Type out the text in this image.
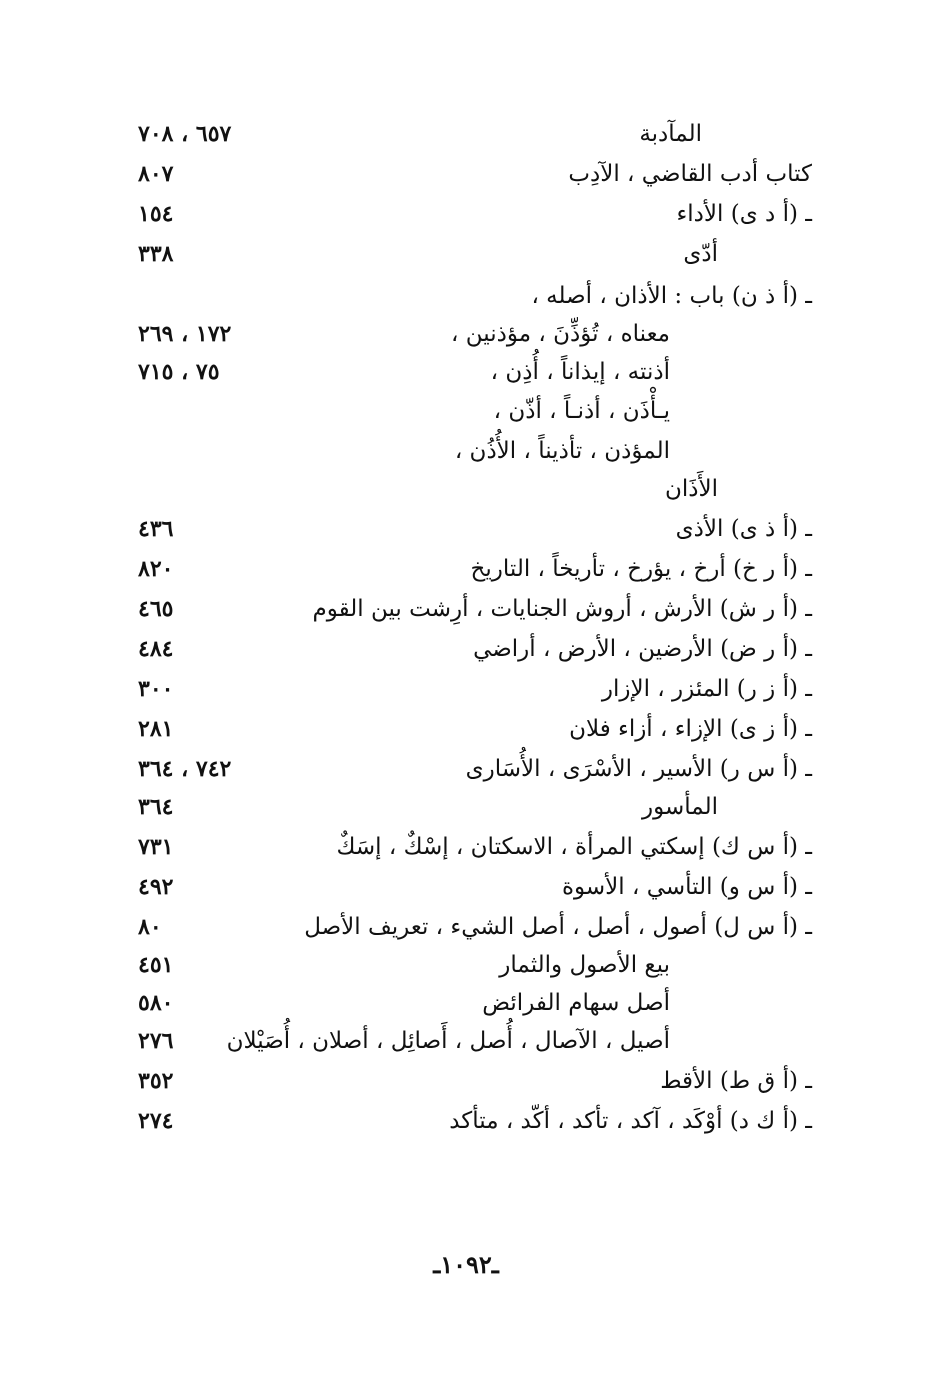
المآدبة
٦٥٧ ، ٧٠٨
كتاب أدب القاضي ، الآدِب
٨٠٧
ـ (أ د ى) الأداء
١٥٤
أدّى
٣٣٨
ـ (أ ذ ن) باب : الأذان ، أصله ،
معناه ، تُؤذِّنَ ، مؤذنين ،
١٧٢ ، ٢٦٩
أذنته ، إيذاناً ، أُذِن ،
٧٥ ، ٧١٥
يـأْذَن ، أذنـاً ، أذّن ،
المؤذن ، تأذيناً ، الأُذُن ،
الأَذَان
ـ (أ ذ ى) الأذى
٤٣٦
ـ (أ ر خ) أرخ ، يؤرخ ، تأريخاً ، التاريخ
٨٢٠
ـ (أ ر ش) الأرش ، أروش الجنايات ، أرِشت بين القوم
٤٦٥
ـ (أ ر ض) الأرضين ، الأرض ، أراضي
٤٨٤
ـ (أ ز ر) المئزر ، الإزار
٣٠٠
ـ (أ ز ى) الإزاء ، أزاء فلان
٢٨١
ـ (أ س ر) الأسير ، الأسْرَى ، الأُسَارى
٧٤٢ ، ٣٦٤
المأسور
٣٦٤
ـ (أ س ك) إسكتي المرأة ، الاسكتان ، إسْكٌ ، إسَكٌ
٧٣١
ـ (أ س و) التأسي ، الأسوة
٤٩٢
ـ (أ س ل) أصول ، أصل ، أصل الشيء ، تعريف الأصل
٨٠
بيع الأصول والثمار
٤٥١
أصل سهام الفرائض
٥٨٠
أصيل ، الآصال ، أُصل ، أَصائِل ، أصلان ، أُصَيْلان
٢٧٦
ـ (أ ق ط) الأقط
٣٥٢
ـ (أ ك د) أوْكَد ، آكد ، تأكد ، أكّد ، متأكد
٢٧٤
ـ١٠٩٢ـ
